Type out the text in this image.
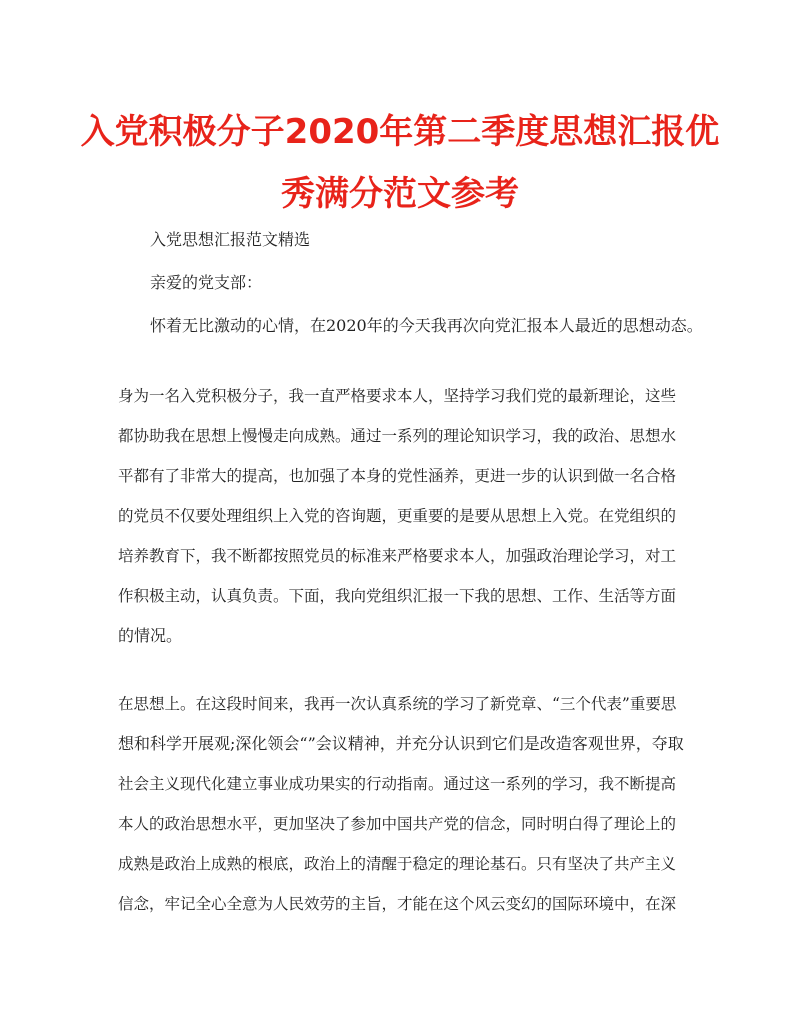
入党积极分子2020年第二季度思想汇报优
秀满分范文参考
入党思想汇报范文精选
亲爱的党支部：
怀着无比激动的心情，在2020年的今天我再次向党汇报本人最近的思想动态。
身为一名入党积极分子，我一直严格要求本人，坚持学习我们党的最新理论，这些
都协助我在思想上慢慢走向成熟。通过一系列的理论知识学习，我的政治、思想水
平都有了非常大的提高，也加强了本身的党性涵养，更进一步的认识到做一名合格
的党员不仅要处理组织上入党的咨询题，更重要的是要从思想上入党。在党组织的
培养教育下，我不断都按照党员的标准来严格要求本人，加强政治理论学习，对工
作积极主动，认真负责。下面，我向党组织汇报一下我的思想、工作、生活等方面
的情况。
在思想上。在这段时间来，我再一次认真系统的学习了新党章、“三个代表”重要思
想和科学开展观;深化领会“”会议精神，并充分认识到它们是改造客观世界，夺取
社会主义现代化建立事业成功果实的行动指南。通过这一系列的学习，我不断提高
本人的政治思想水平，更加坚决了参加中国共产党的信念，同时明白得了理论上的
成熟是政治上成熟的根底，政治上的清醒于稳定的理论基石。只有坚决了共产主义
信念，牢记全心全意为人民效劳的主旨，才能在这个风云变幻的国际环境中，在深
